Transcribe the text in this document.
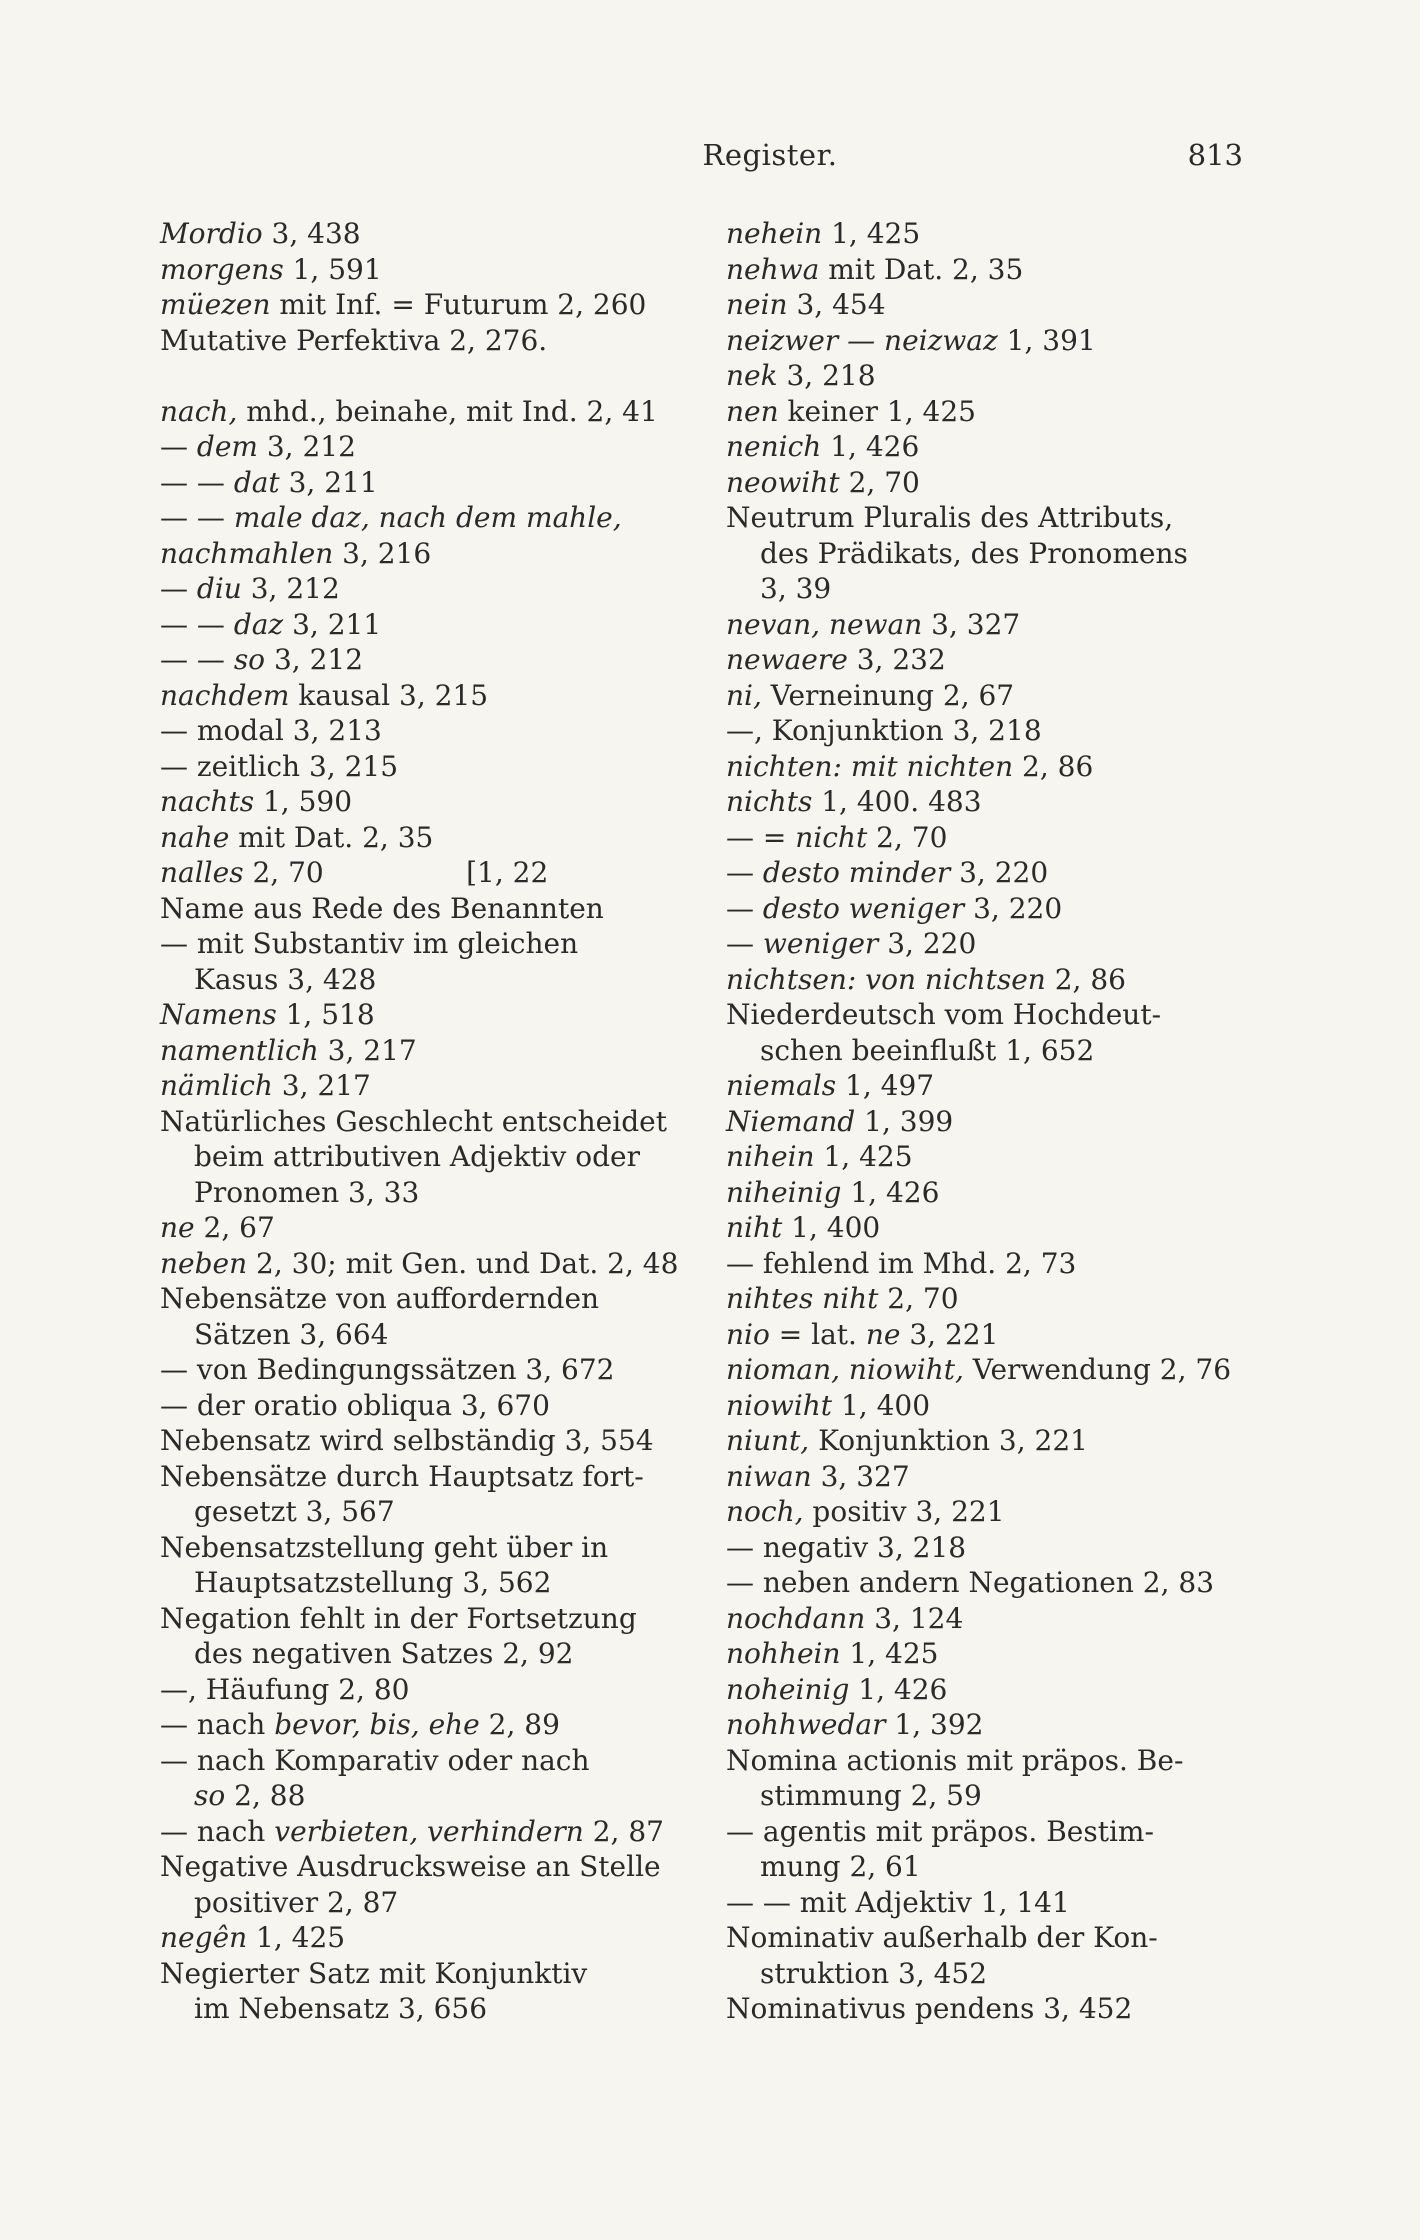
Register.	813
Mordio 3, 438
morgens 1, 591
müezen mit Inf. = Futurum 2, 260
Mutative Perfektiva 2, 276.
nach, mhd., beinahe, mit Ind. 2, 41
— dem 3, 212
— — dat 3, 211
— — male daz, nach dem mahle,
nachmahlen 3, 216
— diu 3, 212
— — daz 3, 211
— — so 3, 212
nachdem kausal 3, 215
— modal 3, 213
— zeitlich 3, 215
nachts 1, 590
nahe mit Dat. 2, 35
nalles 2, 70                [1, 22
Name aus Rede des Benannten
— mit Substantiv im gleichen
Kasus 3, 428
Namens 1, 518
namentlich 3, 217
nämlich 3, 217
Natürliches Geschlecht entscheidet
beim attributiven Adjektiv oder
Pronomen 3, 33
ne 2, 67
neben 2, 30; mit Gen. und Dat. 2, 48
Nebensätze von auffordernden
Sätzen 3, 664
— von Bedingungssätzen 3, 672
— der oratio obliqua 3, 670
Nebensatz wird selbständig 3, 554
Nebensätze durch Hauptsatz fort-
gesetzt 3, 567
Nebensatzstellung geht über in
Hauptsatzstellung 3, 562
Negation fehlt in der Fortsetzung
des negativen Satzes 2, 92
—, Häufung 2, 80
— nach bevor, bis, ehe 2, 89
— nach Komparativ oder nach
so 2, 88
— nach verbieten, verhindern 2, 87
Negative Ausdrucksweise an Stelle
positiver 2, 87
negên 1, 425
Negierter Satz mit Konjunktiv
im Nebensatz 3, 656
nehein 1, 425
nehwa mit Dat. 2, 35
nein 3, 454
neizwer — neizwaz 1, 391
nek 3, 218
nen keiner 1, 425
nenich 1, 426
neowiht 2, 70
Neutrum Pluralis des Attributs,
des Prädikats, des Pronomens
3, 39
nevan, newan 3, 327
newaere 3, 232
ni, Verneinung 2, 67
—, Konjunktion 3, 218
nichten: mit nichten 2, 86
nichts 1, 400. 483
— = nicht 2, 70
— desto minder 3, 220
— desto weniger 3, 220
— weniger 3, 220
nichtsen: von nichtsen 2, 86
Niederdeutsch vom Hochdeut-
schen beeinflußt 1, 652
niemals 1, 497
Niemand 1, 399
nihein 1, 425
niheinig 1, 426
niht 1, 400
— fehlend im Mhd. 2, 73
nihtes niht 2, 70
nio = lat. ne 3, 221
nioman, niowiht, Verwendung 2, 76
niowiht 1, 400
niunt, Konjunktion 3, 221
niwan 3, 327
noch, positiv 3, 221
— negativ 3, 218
— neben andern Negationen 2, 83
nochdann 3, 124
nohhein 1, 425
noheinig 1, 426
nohhwedar 1, 392
Nomina actionis mit präpos. Be-
stimmung 2, 59
— agentis mit präpos. Bestim-
mung 2, 61
— — mit Adjektiv 1, 141
Nominativ außerhalb der Kon-
struktion 3, 452
Nominativus pendens 3, 452
